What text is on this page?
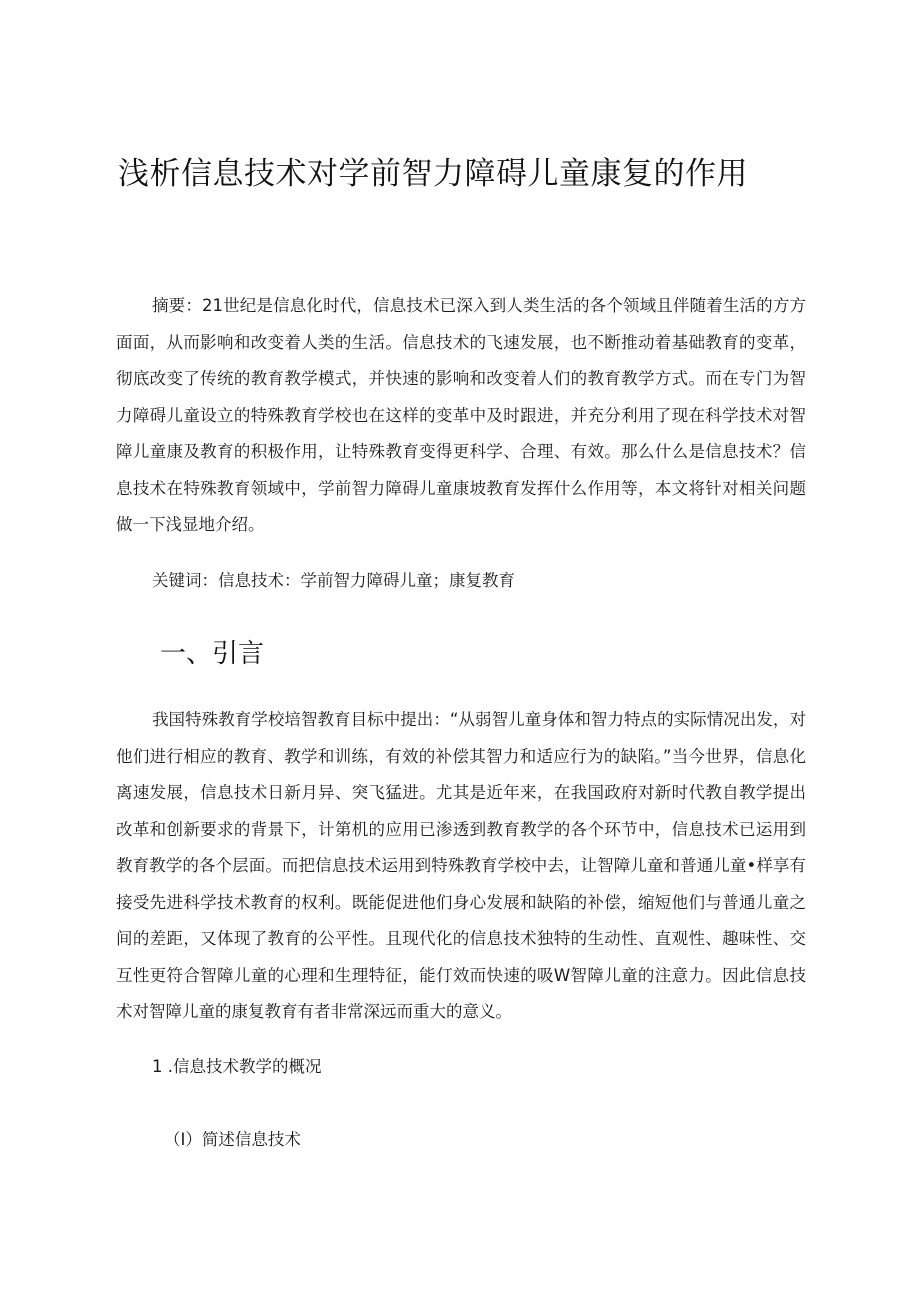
浅析信息技术对学前智力障碍儿童康复的作用

摘要：21世纪是信息化时代，信息技术已深入到人类生活的各个领域且伴随着生活的方方面面，从而影响和改变着人类的生活。信息技术的飞速发展，也不断推动着基础教育的变革，彻底改变了传统的教育教学模式，并快速的影响和改变着人们的教育教学方式。而在专门为智力障碍儿童设立的特殊教育学校也在这样的变革中及时跟进，并充分利用了现在科学技术对智障儿童康及教育的积极作用，让特殊教育变得更科学、合理、有效。那么什么是信息技术？信息技术在特殊教育领域中，学前智力障碍儿童康坡教育发挥什么作用等，本文将针对相关问题做一下浅显地介绍。

关键词：信息技术：学前智力障碍儿童；康复教育

一、引言

我国特殊教育学校培智教育目标中提出：“从弱智儿童身体和智力特点的实际情况出发，对他们进行相应的教育、教学和训练，有效的补偿其智力和适应行为的缺陷。”当今世界，信息化离速发展，信息技术日新月异、突飞猛进。尤其是近年来，在我国政府对新时代教自教学提出改革和创新要求的背景下，计第机的应用已渗透到教育教学的各个环节中，信息技术已运用到教育教学的各个层面。而把信息技术运用到特殊教育学校中去，让智障儿童和普通儿童•样享有接受先进科学技术教育的权利。既能促进他们身心发展和缺陷的补偿，缩短他们与普通儿童之间的差距，又体现了教育的公平性。且现代化的信息技术独特的生动性、直观性、趣味性、交互性更符合智障儿童的心理和生理特征，能仃效而快速的吸W智障儿童的注意力。因此信息技术对智障儿童的康复教育有者非常深远而重大的意义。

1 .信息技术教学的概况
（I）简述信息技术
